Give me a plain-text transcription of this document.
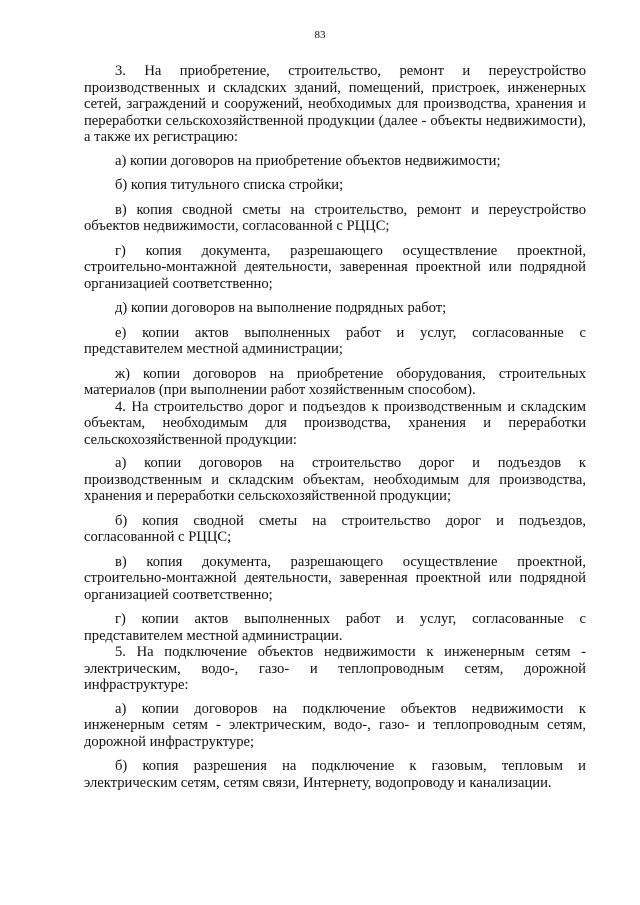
83

3. На приобретение, строительство, ремонт и переустройство производственных и складских зданий, помещений, пристроек, инженерных сетей, заграждений и сооружений, необходимых для производства, хранения и переработки сельскохозяйственной продукции (далее - объекты недвижимости), а также их регистрацию:

а) копии договоров на приобретение объектов недвижимости;

б) копия титульного списка стройки;

в) копия сводной сметы на строительство, ремонт и переустройство объектов недвижимости, согласованной с РЦЦС;

г) копия документа, разрешающего осуществление проектной, строительно-монтажной деятельности, заверенная проектной или подрядной организацией соответственно;

д) копии договоров на выполнение подрядных работ;

е) копии актов выполненных работ и услуг, согласованные с представителем местной администрации;

ж) копии договоров на приобретение оборудования, строительных материалов (при выполнении работ хозяйственным способом).

4. На строительство дорог и подъездов к производственным и складским объектам, необходимым для производства, хранения и переработки сельскохозяйственной продукции:

а) копии договоров на строительство дорог и подъездов к производственным и складским объектам, необходимым для производства, хранения и переработки сельскохозяйственной продукции;

б) копия сводной сметы на строительство дорог и подъездов, согласованной с РЦЦС;

в) копия документа, разрешающего осуществление проектной, строительно-монтажной деятельности, заверенная проектной или подрядной организацией соответственно;

г) копии актов выполненных работ и услуг, согласованные с представителем местной администрации.

5. На подключение объектов недвижимости к инженерным сетям - электрическим, водо-, газо- и теплопроводным сетям, дорожной инфраструктуре:

а) копии договоров на подключение объектов недвижимости к инженерным сетям - электрическим, водо-, газо- и теплопроводным сетям, дорожной инфраструктуре;

б) копия разрешения на подключение к газовым, тепловым и электрическим сетям, сетям связи, Интернету, водопроводу и канализации.
